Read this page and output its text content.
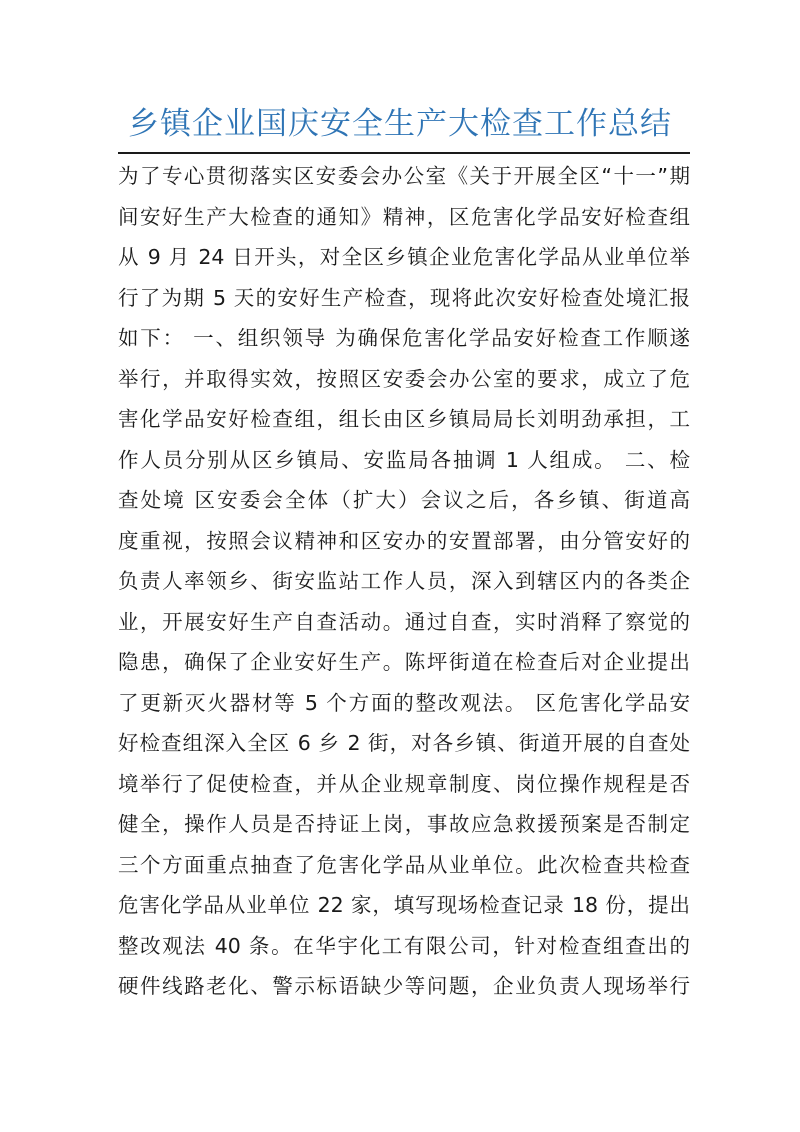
乡镇企业国庆安全生产大检查工作总结
为了专心贯彻落实区安委会办公室《关于开展全区“十一”期
间安好生产大检查的通知》精神，区危害化学品安好检查组
从 9 月 24 日开头，对全区乡镇企业危害化学品从业单位举
行了为期 5 天的安好生产检查，现将此次安好检查处境汇报
如下： 一、组织领导 为确保危害化学品安好检查工作顺遂
举行，并取得实效，按照区安委会办公室的要求，成立了危
害化学品安好检查组，组长由区乡镇局局长刘明劲承担，工
作人员分别从区乡镇局、安监局各抽调 1 人组成。 二、检
查处境 区安委会全体（扩大）会议之后，各乡镇、街道高
度重视，按照会议精神和区安办的安置部署，由分管安好的
负责人率领乡、街安监站工作人员，深入到辖区内的各类企
业，开展安好生产自查活动。通过自查，实时消释了察觉的
隐患，确保了企业安好生产。陈坪街道在检查后对企业提出
了更新灭火器材等 5 个方面的整改观法。 区危害化学品安
好检查组深入全区 6 乡 2 街，对各乡镇、街道开展的自查处
境举行了促使检查，并从企业规章制度、岗位操作规程是否
健全，操作人员是否持证上岗，事故应急救援预案是否制定
三个方面重点抽查了危害化学品从业单位。此次检查共检查
危害化学品从业单位 22 家，填写现场检查记录 18 份，提出
整改观法 40 条。在华宇化工有限公司，针对检查组查出的
硬件线路老化、警示标语缺少等问题，企业负责人现场举行
